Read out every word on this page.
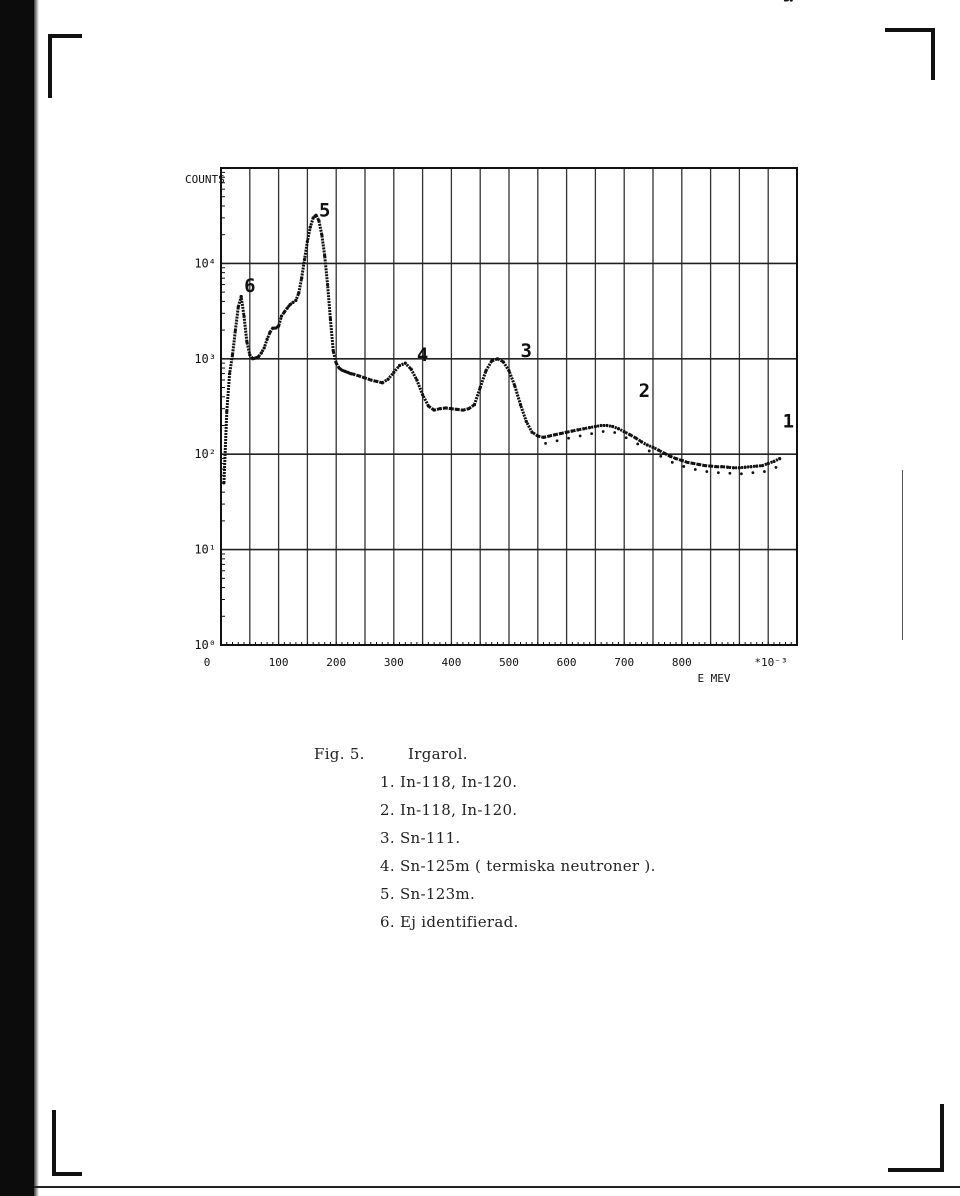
10⁰
10¹
10²
10³
10⁴
0	100	200	300	400	500	600	700	800	*10⁻³
E MEV
COUNTS
1
2
3
4
5
6
Fig. 5.	Irgarol.
1. In-118, In-120.
2. In-118, In-120.
3. Sn-111.
4. Sn-125m ( termiska neutroner ).
5. Sn-123m.
6. Ej identifierad.
